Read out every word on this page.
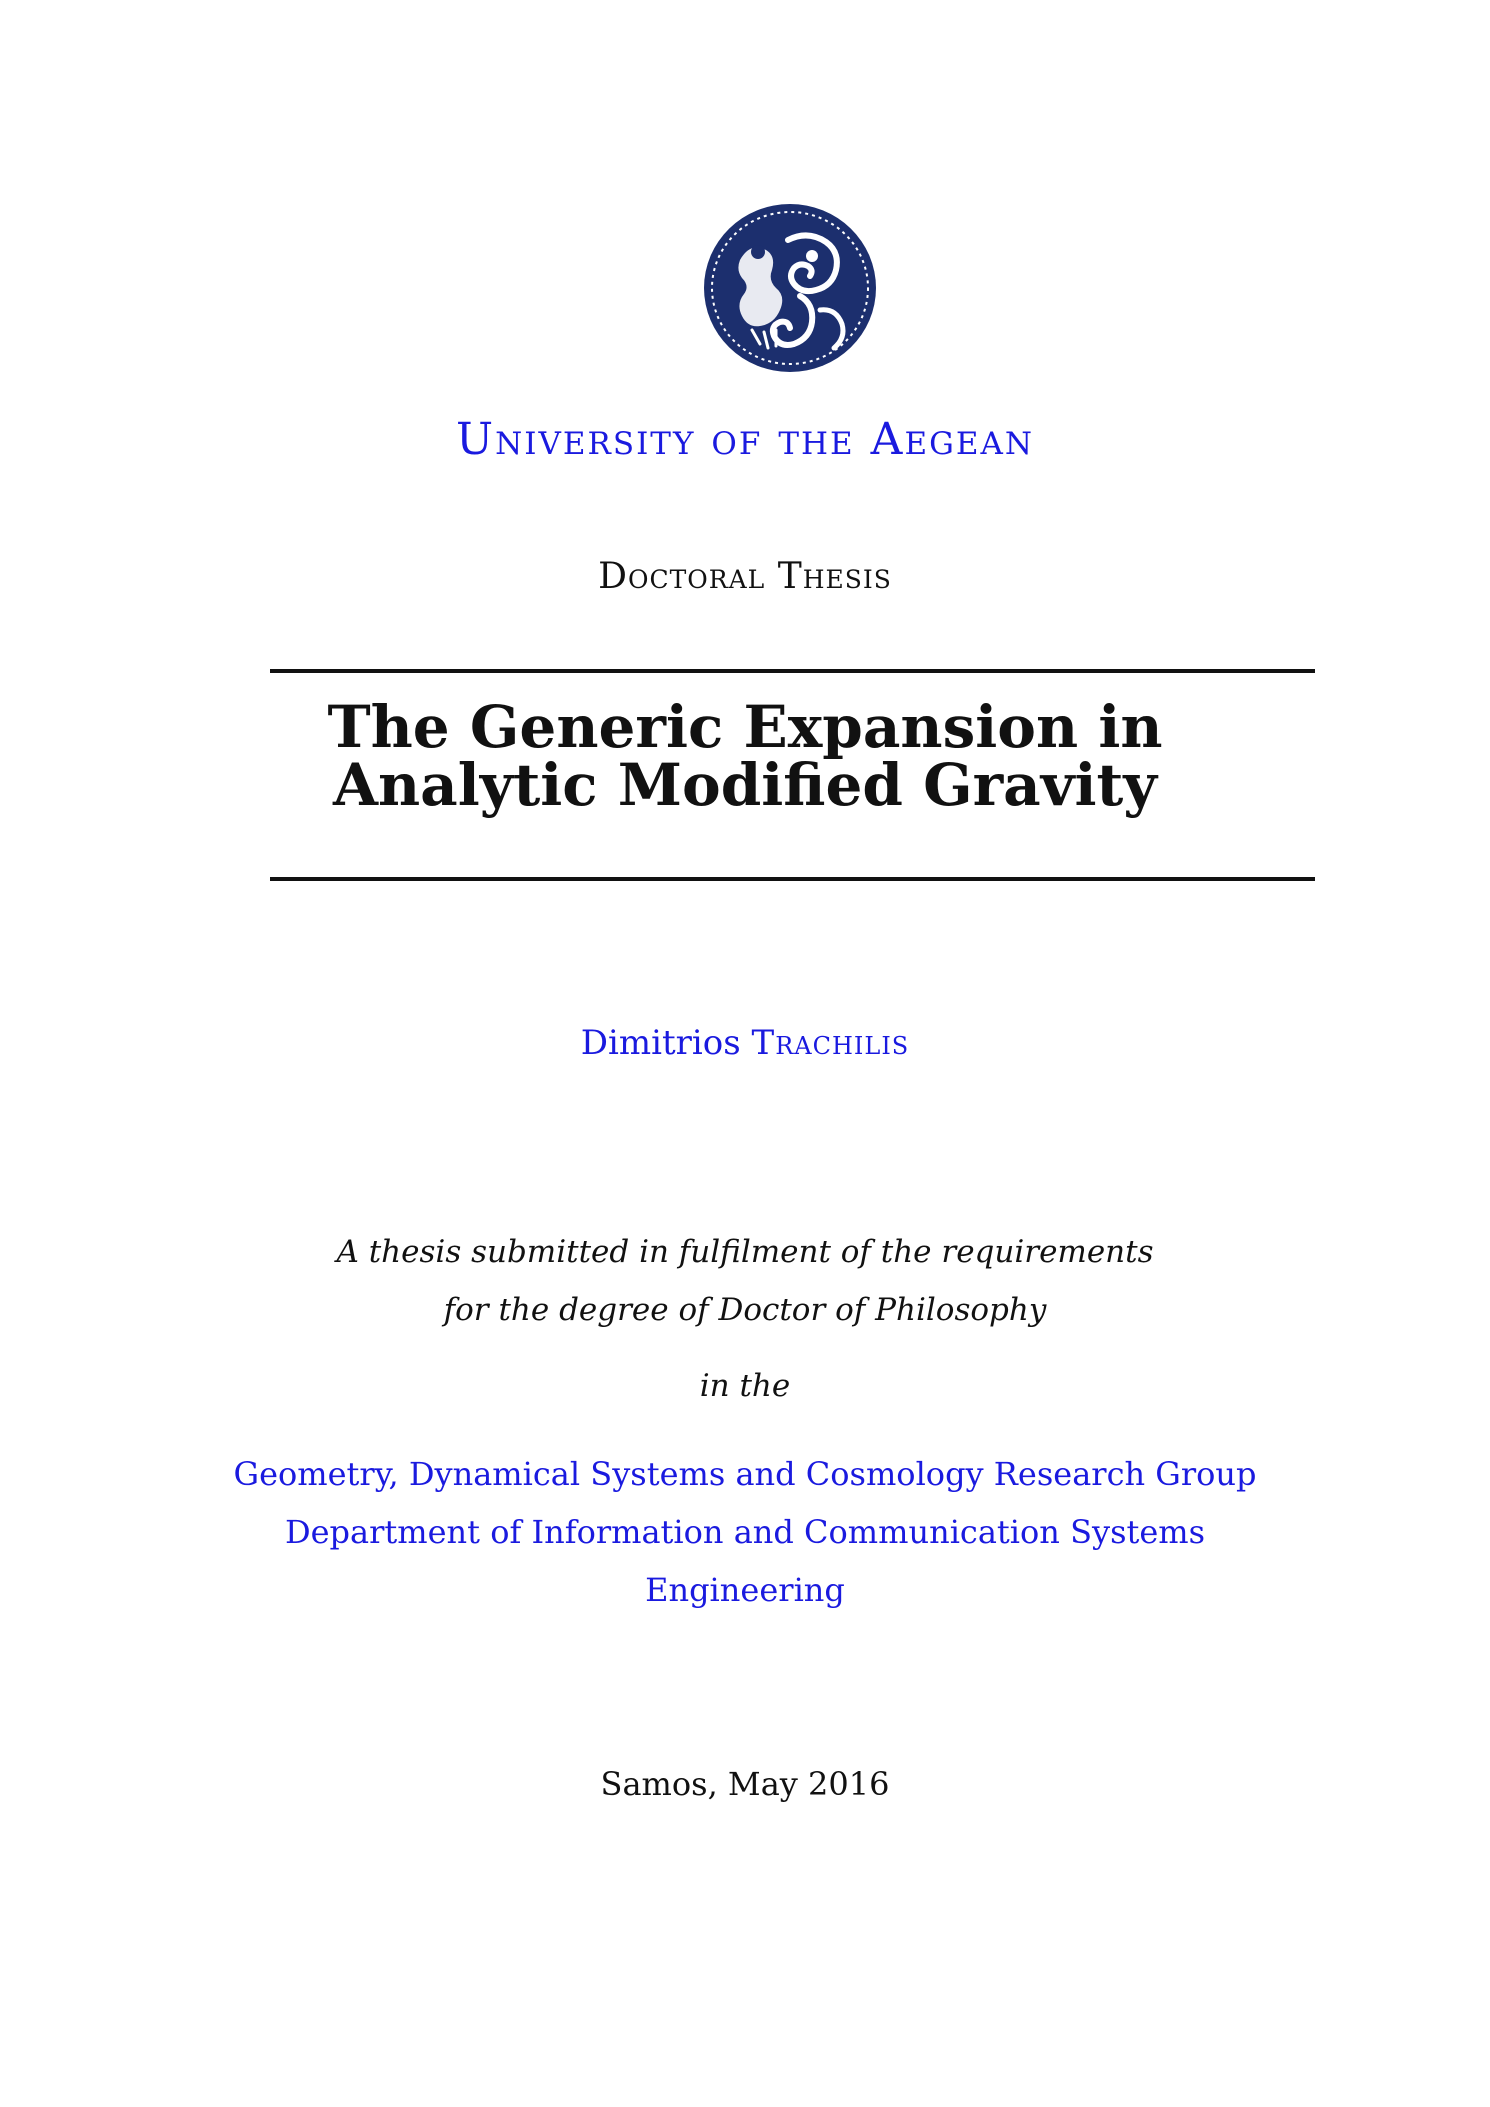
University of the Aegean
Doctoral Thesis
The Generic Expansion in
Analytic Modified Gravity
Dimitrios Trachilis
A thesis submitted in fulfilment of the requirements
for the degree of Doctor of Philosophy
in the
Geometry, Dynamical Systems and Cosmology Research Group
Department of Information and Communication Systems
Engineering
Samos, May 2016
